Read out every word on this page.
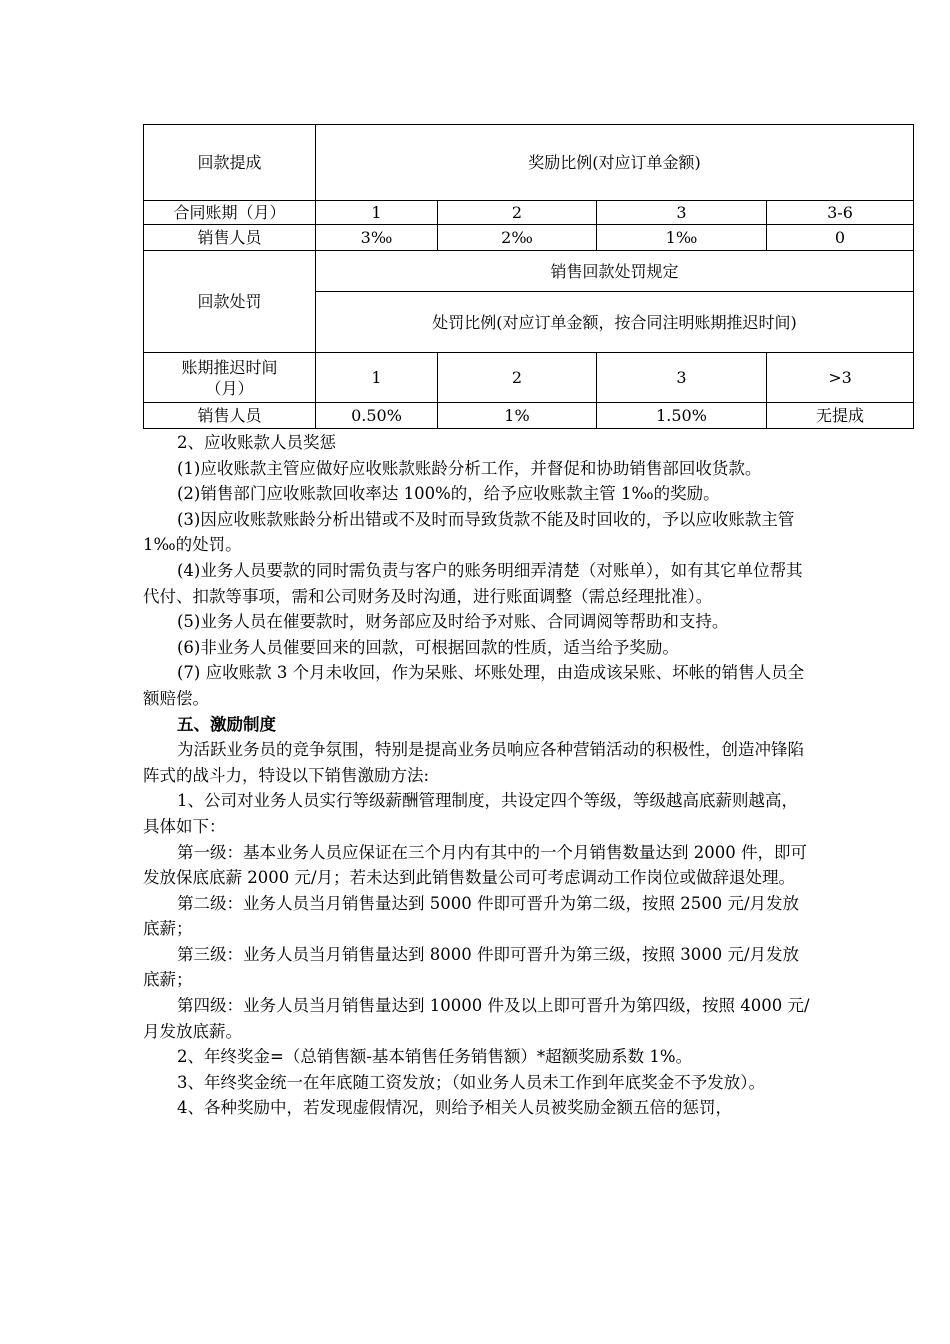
回款提成	奖励比例(对应订单金额)			
合同账期（月）	1	2	3	3-6
销售人员	3‰	2‰	1‰	0
回款处罚	销售回款处罚规定			
	处罚比例(对应订单金额，按合同注明账期推迟时间)			
账期推迟时间（月）	1	2	3	>3
销售人员	0.50%	1%	1.50%	无提成

2、应收账款人员奖惩

(1)应收账款主管应做好应收账款账龄分析工作，并督促和协助销售部回收货款。

(2)销售部门应收账款回收率达 100%的，给予应收账款主管 1‰的奖励。

(3)因应收账款账龄分析出错或不及时而导致货款不能及时回收的，予以应收账款主管 1‰的处罚。

(4)业务人员要款的同时需负责与客户的账务明细弄清楚（对账单），如有其它单位帮其代付、扣款等事项，需和公司财务及时沟通，进行账面调整（需总经理批准）。

(5)业务人员在催要款时，财务部应及时给予对账、合同调阅等帮助和支持。

(6)非业务人员催要回来的回款，可根据回款的性质，适当给予奖励。

(7) 应收账款 3 个月未收回，作为呆账、坏账处理，由造成该呆账、坏帐的销售人员全额赔偿。

五、激励制度

为活跃业务员的竞争氛围，特别是提高业务员响应各种营销活动的积极性，创造冲锋陷阵式的战斗力，特设以下销售激励方法:

1、公司对业务人员实行等级薪酬管理制度，共设定四个等级，等级越高底薪则越高，具体如下：

第一级：基本业务人员应保证在三个月内有其中的一个月销售数量达到 2000 件，即可发放保底底薪 2000 元/月；若未达到此销售数量公司可考虑调动工作岗位或做辞退处理。

第二级：业务人员当月销售量达到 5000 件即可晋升为第二级，按照 2500 元/月发放底薪；

第三级：业务人员当月销售量达到 8000 件即可晋升为第三级，按照 3000 元/月发放底薪；

第四级：业务人员当月销售量达到 10000 件及以上即可晋升为第四级，按照 4000 元/月发放底薪。

2、年终奖金=（总销售额-基本销售任务销售额）*超额奖励系数 1%。

3、年终奖金统一在年底随工资发放；（如业务人员未工作到年底奖金不予发放）。

4、各种奖励中，若发现虚假情况，则给予相关人员被奖励金额五倍的惩罚，
